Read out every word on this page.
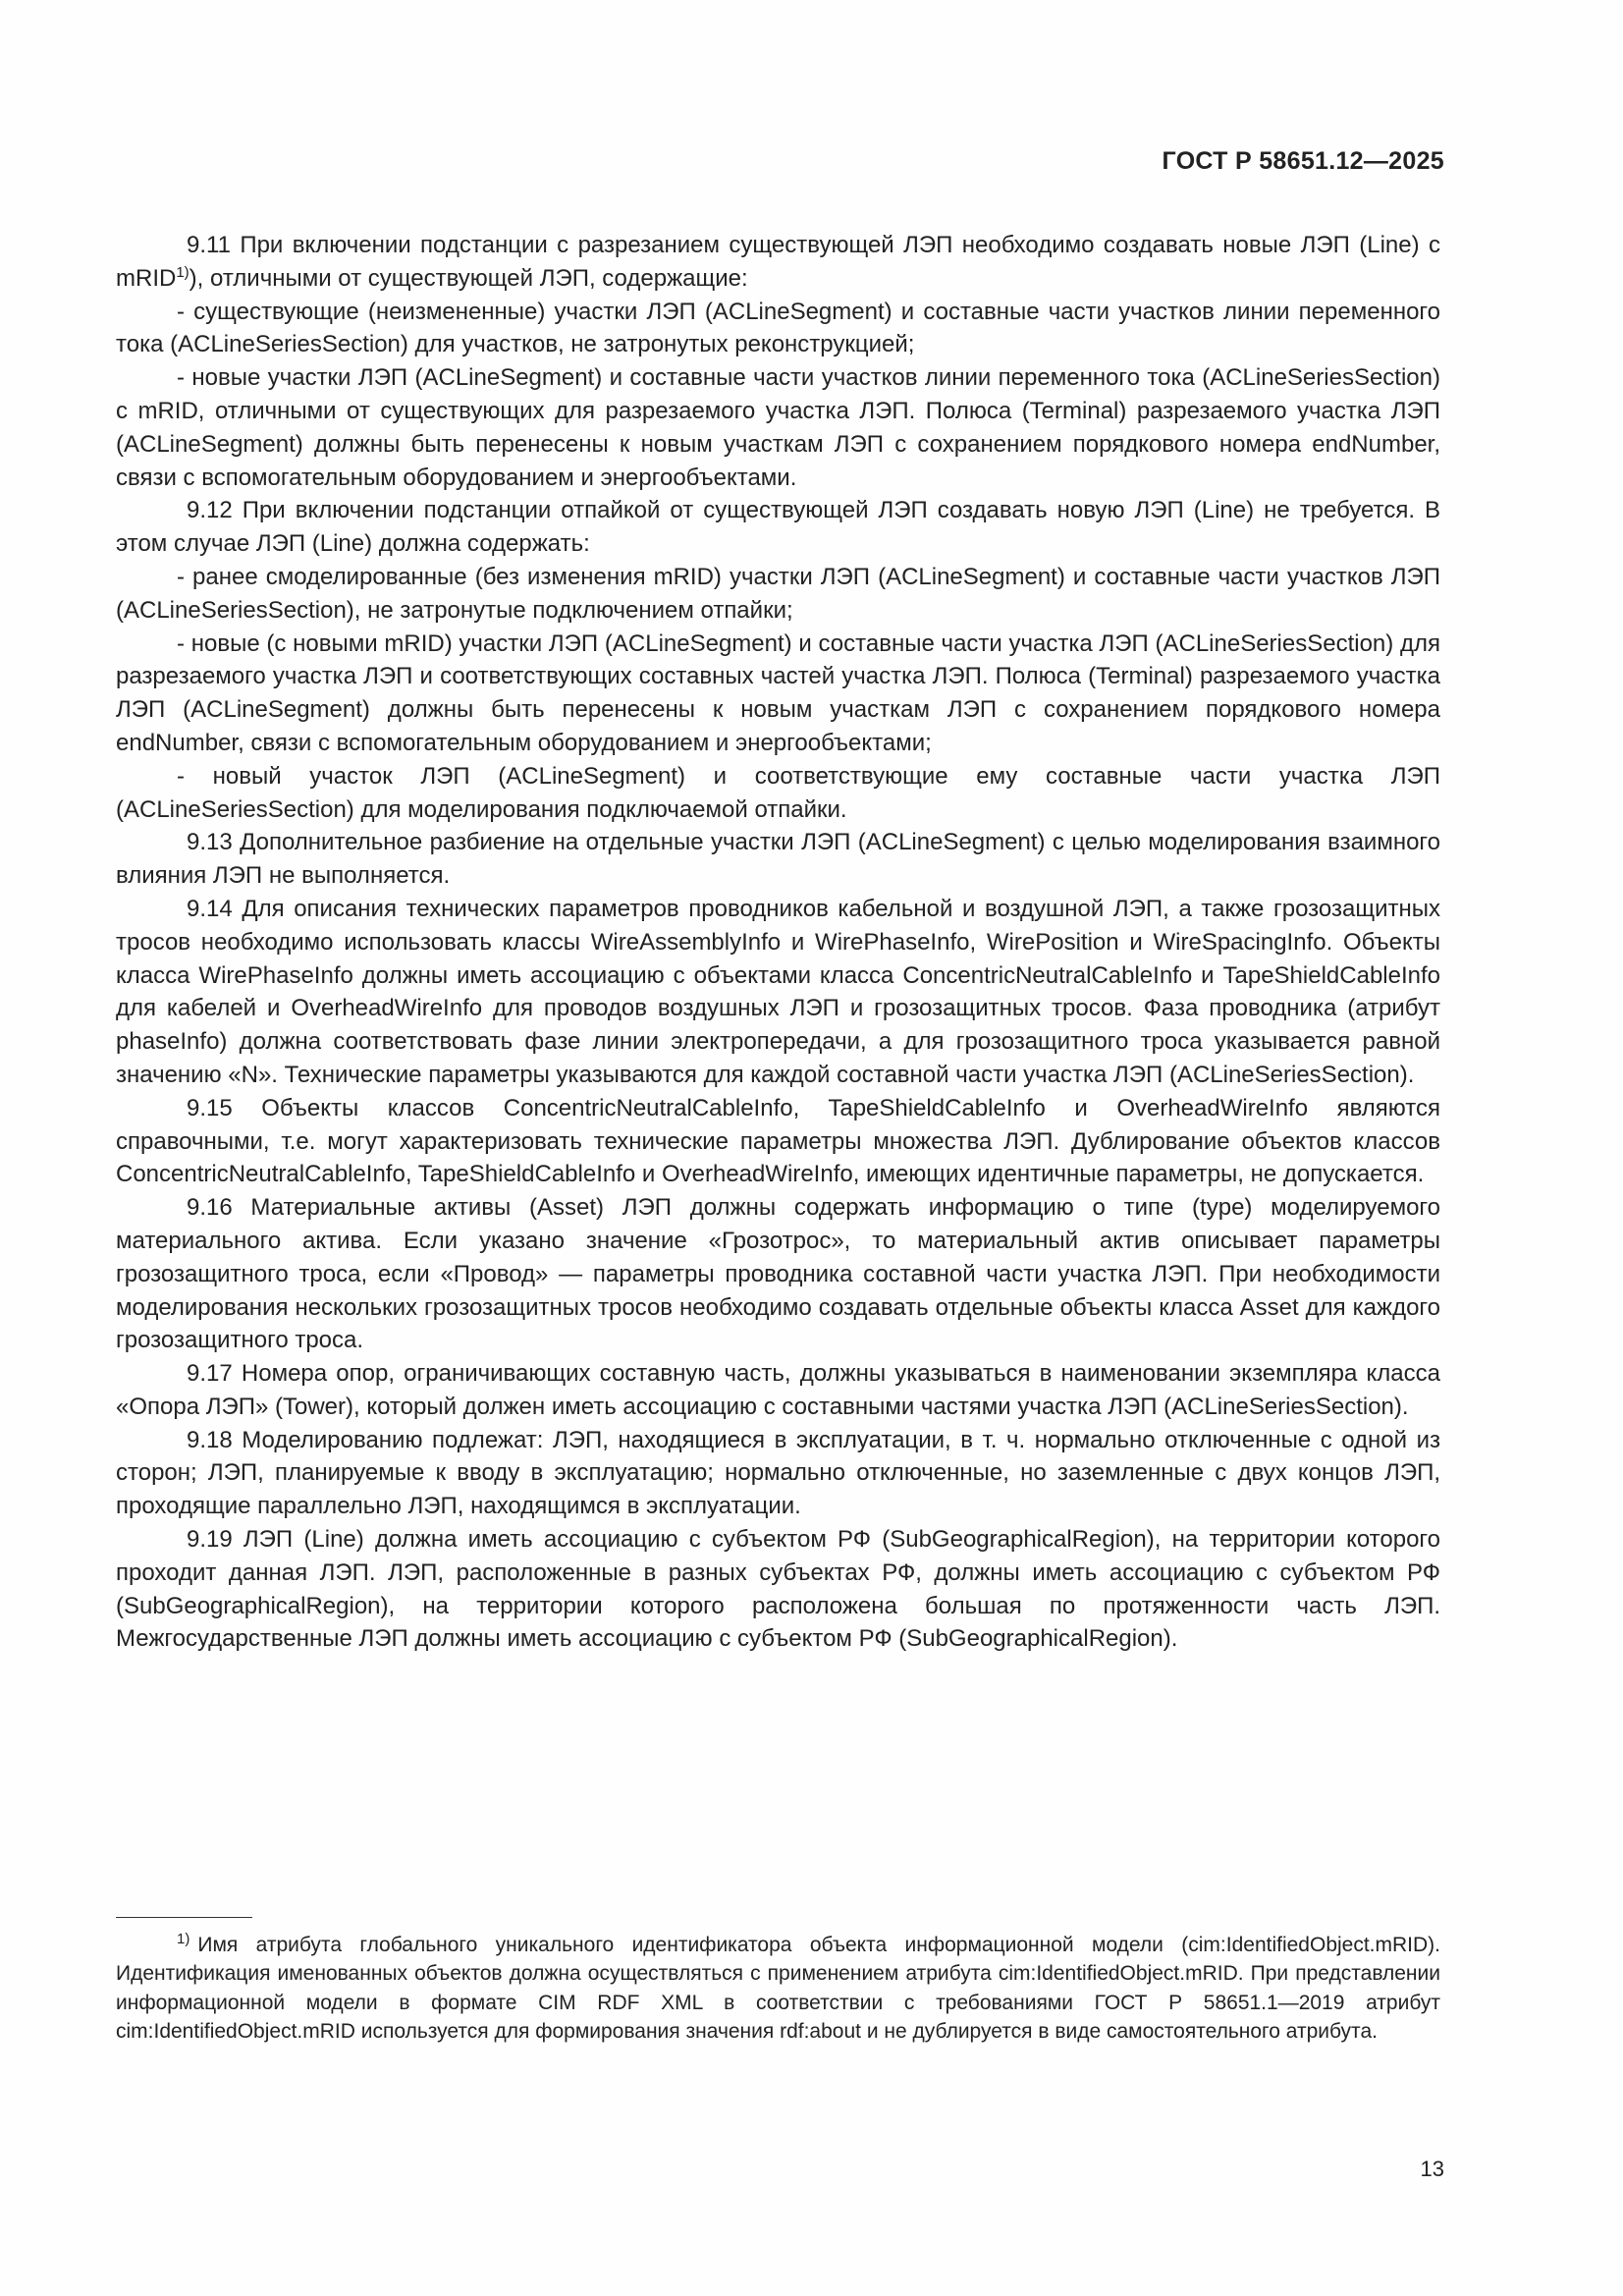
ГОСТ Р 58651.12—2025

9.11 При включении подстанции с разрезанием существующей ЛЭП необходимо создавать новые ЛЭП (Line) с mRID$^{1)}$), отличными от существующей ЛЭП, содержащие:

- существующие (неизмененные) участки ЛЭП (ACLineSegment) и составные части участков линии переменного тока (ACLineSeriesSection) для участков, не затронутых реконструкцией;

- новые участки ЛЭП (ACLineSegment) и составные части участков линии переменного тока (ACLineSeriesSection) с mRID, отличными от существующих для разрезаемого участка ЛЭП. Полюса (Terminal) разрезаемого участка ЛЭП (ACLineSegment) должны быть перенесены к новым участкам ЛЭП с сохранением порядкового номера endNumber, связи с вспомогательным оборудованием и энергообъектами.

9.12 При включении подстанции отпайкой от существующей ЛЭП создавать новую ЛЭП (Line) не требуется. В этом случае ЛЭП (Line) должна содержать:

- ранее смоделированные (без изменения mRID) участки ЛЭП (ACLineSegment) и составные части участков ЛЭП (ACLineSeriesSection), не затронутые подключением отпайки;

- новые (с новыми mRID) участки ЛЭП (ACLineSegment) и составные части участка ЛЭП (ACLineSeriesSection) для разрезаемого участка ЛЭП и соответствующих составных частей участка ЛЭП. Полюса (Terminal) разрезаемого участка ЛЭП (ACLineSegment) должны быть перенесены к новым участкам ЛЭП с сохранением порядкового номера endNumber, связи с вспомогательным оборудованием и энергообъектами;

- новый участок ЛЭП (ACLineSegment) и соответствующие ему составные части участка ЛЭП (ACLineSeriesSection) для моделирования подключаемой отпайки.

9.13 Дополнительное разбиение на отдельные участки ЛЭП (ACLineSegment) с целью моделирования взаимного влияния ЛЭП не выполняется.

9.14 Для описания технических параметров проводников кабельной и воздушной ЛЭП, а также грозозащитных тросов необходимо использовать классы WireAssemblyInfo и WirePhaseInfo, WirePosition и WireSpacingInfo. Объекты класса WirePhaseInfo должны иметь ассоциацию с объектами класса ConcentricNeutralCableInfo и TapeShieldCableInfo для кабелей и OverheadWireInfo для проводов воздушных ЛЭП и грозозащитных тросов. Фаза проводника (атрибут phaseInfo) должна соответствовать фазе линии электропередачи, а для грозозащитного троса указывается равной значению «N». Технические параметры указываются для каждой составной части участка ЛЭП (ACLineSeriesSection).

9.15 Объекты классов ConcentricNeutralCableInfo, TapeShieldCableInfo и OverheadWireInfo являются справочными, т.е. могут характеризовать технические параметры множества ЛЭП. Дублирование объектов классов ConcentricNeutralCableInfo, TapeShieldCableInfo и OverheadWireInfo, имеющих идентичные параметры, не допускается.

9.16 Материальные активы (Asset) ЛЭП должны содержать информацию о типе (type) моделируемого материального актива. Если указано значение «Грозотрос», то материальный актив описывает параметры грозозащитного троса, если «Провод» — параметры проводника составной части участка ЛЭП. При необходимости моделирования нескольких грозозащитных тросов необходимо создавать отдельные объекты класса Asset для каждого грозозащитного троса.

9.17 Номера опор, ограничивающих составную часть, должны указываться в наименовании экземпляра класса «Опора ЛЭП» (Tower), который должен иметь ассоциацию с составными частями участка ЛЭП (ACLineSeriesSection).

9.18 Моделированию подлежат: ЛЭП, находящиеся в эксплуатации, в т. ч. нормально отключенные с одной из сторон; ЛЭП, планируемые к вводу в эксплуатацию; нормально отключенные, но заземленные с двух концов ЛЭП, проходящие параллельно ЛЭП, находящимся в эксплуатации.

9.19 ЛЭП (Line) должна иметь ассоциацию с субъектом РФ (SubGeographicalRegion), на территории которого проходит данная ЛЭП. ЛЭП, расположенные в разных субъектах РФ, должны иметь ассоциацию с субъектом РФ (SubGeographicalRegion), на территории которого расположена большая по протяженности часть ЛЭП. Межгосударственные ЛЭП должны иметь ассоциацию с субъектом РФ (SubGeographicalRegion).

$^{1)}$ Имя атрибута глобального уникального идентификатора объекта информационной модели (cim:IdentifiedObject.mRID). Идентификация именованных объектов должна осуществляться с применением атрибута cim:IdentifiedObject.mRID. При представлении информационной модели в формате CIM RDF XML в соответствии с требованиями ГОСТ Р 58651.1—2019 атрибут cim:IdentifiedObject.mRID используется для формирования значения rdf:about и не дублируется в виде самостоятельного атрибута.

13
